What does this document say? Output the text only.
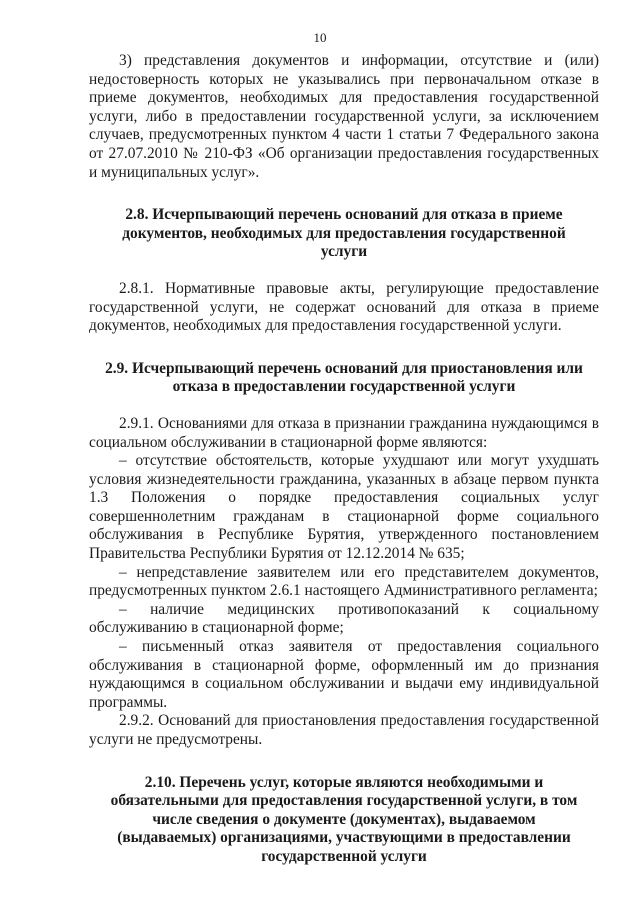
10

3) представления документов и информации, отсутствие и (или) недостоверность которых не указывались при первоначальном отказе в приеме документов, необходимых для предоставления государственной услуги, либо в предоставлении государственной услуги, за исключением случаев, предусмотренных пунктом 4 части 1 статьи 7 Федерального закона от 27.07.2010 № 210-ФЗ «Об организации предоставления государственных и муниципальных услуг».

2.8. Исчерпывающий перечень оснований для отказа в приеме документов, необходимых для предоставления государственной услуги

2.8.1. Нормативные правовые акты, регулирующие предоставление государственной услуги, не содержат оснований для отказа в приеме документов, необходимых для предоставления государственной услуги.

2.9. Исчерпывающий перечень оснований для приостановления или отказа в предоставлении государственной услуги

2.9.1. Основаниями для отказа в признании гражданина нуждающимся в социальном обслуживании в стационарной форме являются:

– отсутствие обстоятельств, которые ухудшают или могут ухудшать условия жизнедеятельности гражданина, указанных в абзаце первом пункта 1.3 Положения о порядке предоставления социальных услуг совершеннолетним гражданам в стационарной форме социального обслуживания в Республике Бурятия, утвержденного постановлением Правительства Республики Бурятия от 12.12.2014 № 635;

– непредставление заявителем или его представителем документов, предусмотренных пунктом 2.6.1 настоящего Административного регламента;

– наличие медицинских противопоказаний к социальному обслуживанию в стационарной форме;

– письменный отказ заявителя от предоставления социального обслуживания в стационарной форме, оформленный им до признания нуждающимся в социальном обслуживании и выдачи ему индивидуальной программы.

2.9.2. Оснований для приостановления предоставления государственной услуги не предусмотрены.

2.10. Перечень услуг, которые являются необходимыми и обязательными для предоставления государственной услуги, в том числе сведения о документе (документах), выдаваемом (выдаваемых) организациями, участвующими в предоставлении государственной услуги
